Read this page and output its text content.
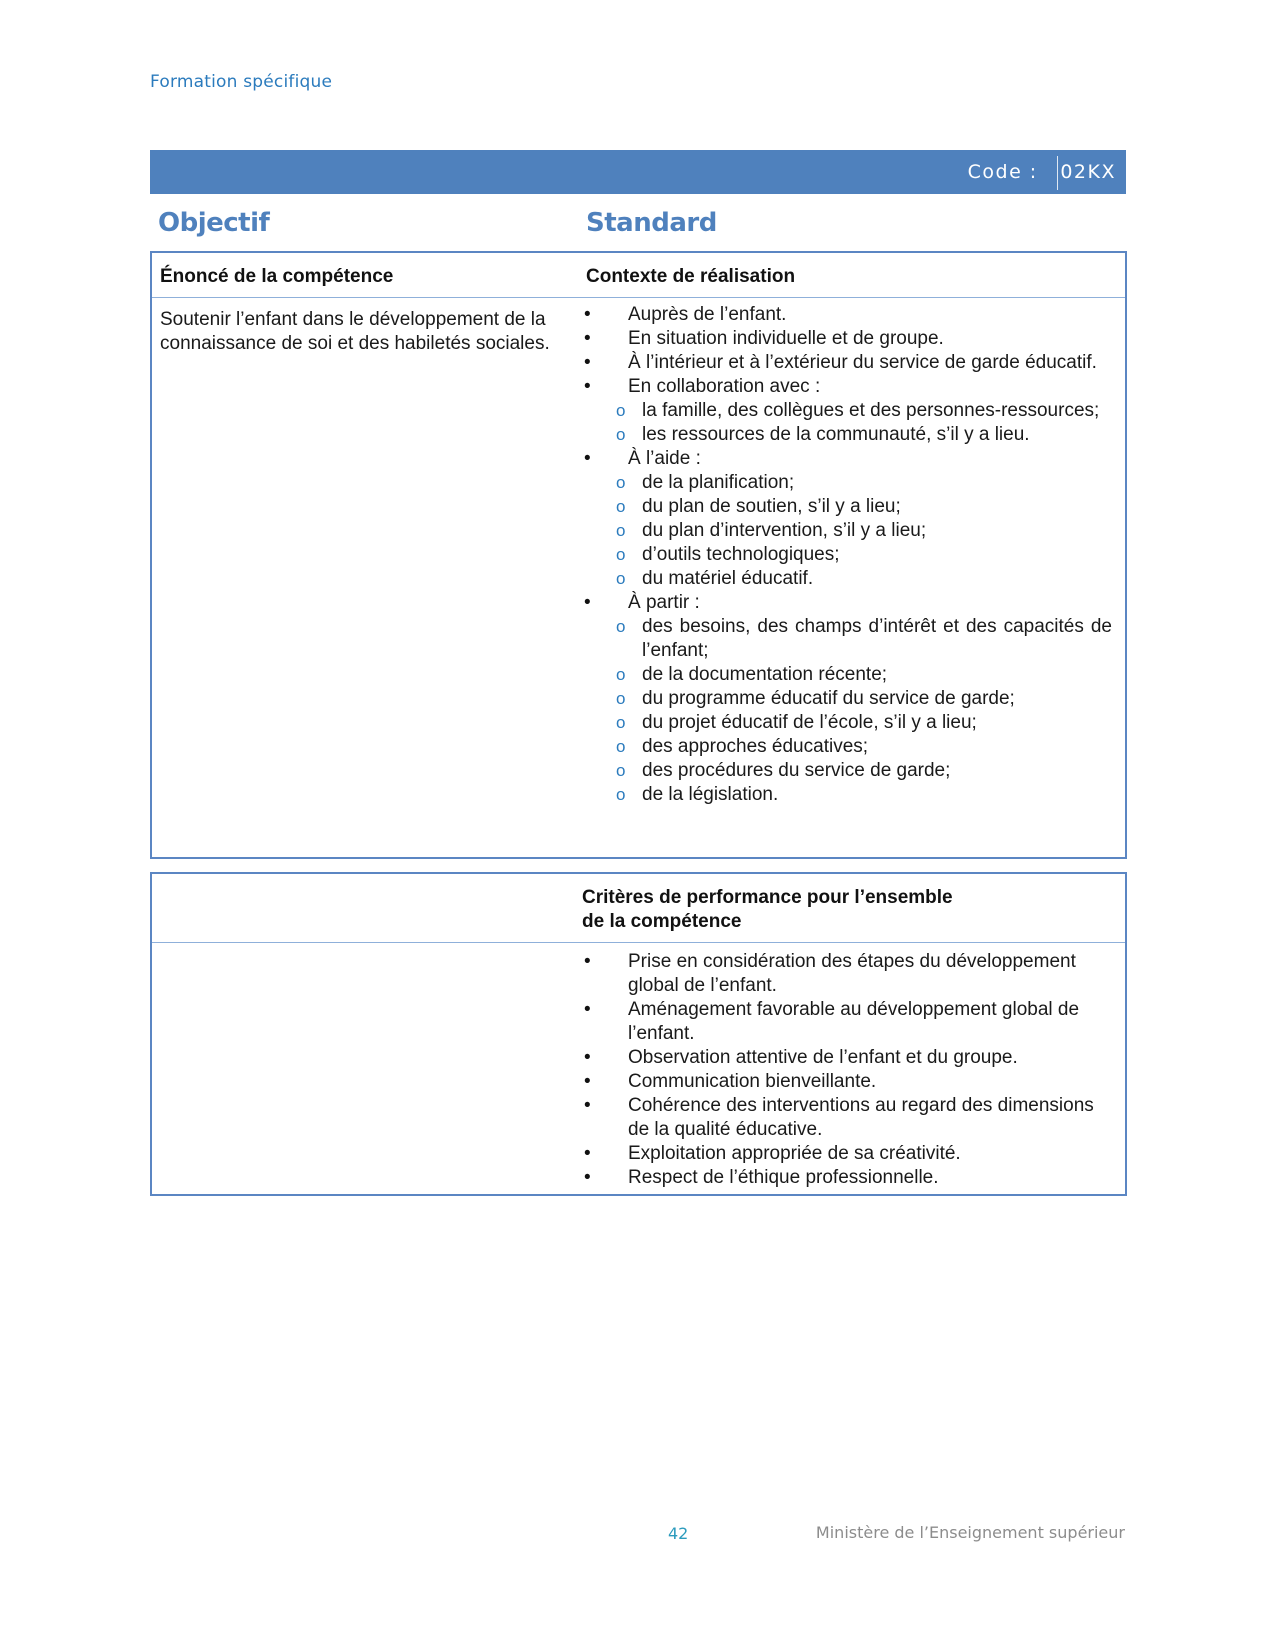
Formation spécifique
Code : 02KX
Objectif	Standard
Énoncé de la compétence	Contexte de réalisation
Soutenir l’enfant dans le développement de la connaissance de soi et des habiletés sociales.
• Auprès de l’enfant.
• En situation individuelle et de groupe.
• À l’intérieur et à l’extérieur du service de garde éducatif.
• En collaboration avec :
o la famille, des collègues et des personnes-ressources;
o les ressources de la communauté, s’il y a lieu.
• À l’aide :
o de la planification;
o du plan de soutien, s’il y a lieu;
o du plan d’intervention, s’il y a lieu;
o d’outils technologiques;
o du matériel éducatif.
• À partir :
o des besoins, des champs d’intérêt et des capacités de l’enfant;
o de la documentation récente;
o du programme éducatif du service de garde;
o du projet éducatif de l’école, s’il y a lieu;
o des approches éducatives;
o des procédures du service de garde;
o de la législation.
Critères de performance pour l’ensemble
de la compétence
• Prise en considération des étapes du développement global de l’enfant.
• Aménagement favorable au développement global de l’enfant.
• Observation attentive de l’enfant et du groupe.
• Communication bienveillante.
• Cohérence des interventions au regard des dimensions de la qualité éducative.
• Exploitation appropriée de sa créativité.
• Respect de l’éthique professionnelle.
42	Ministère de l’Enseignement supérieur
